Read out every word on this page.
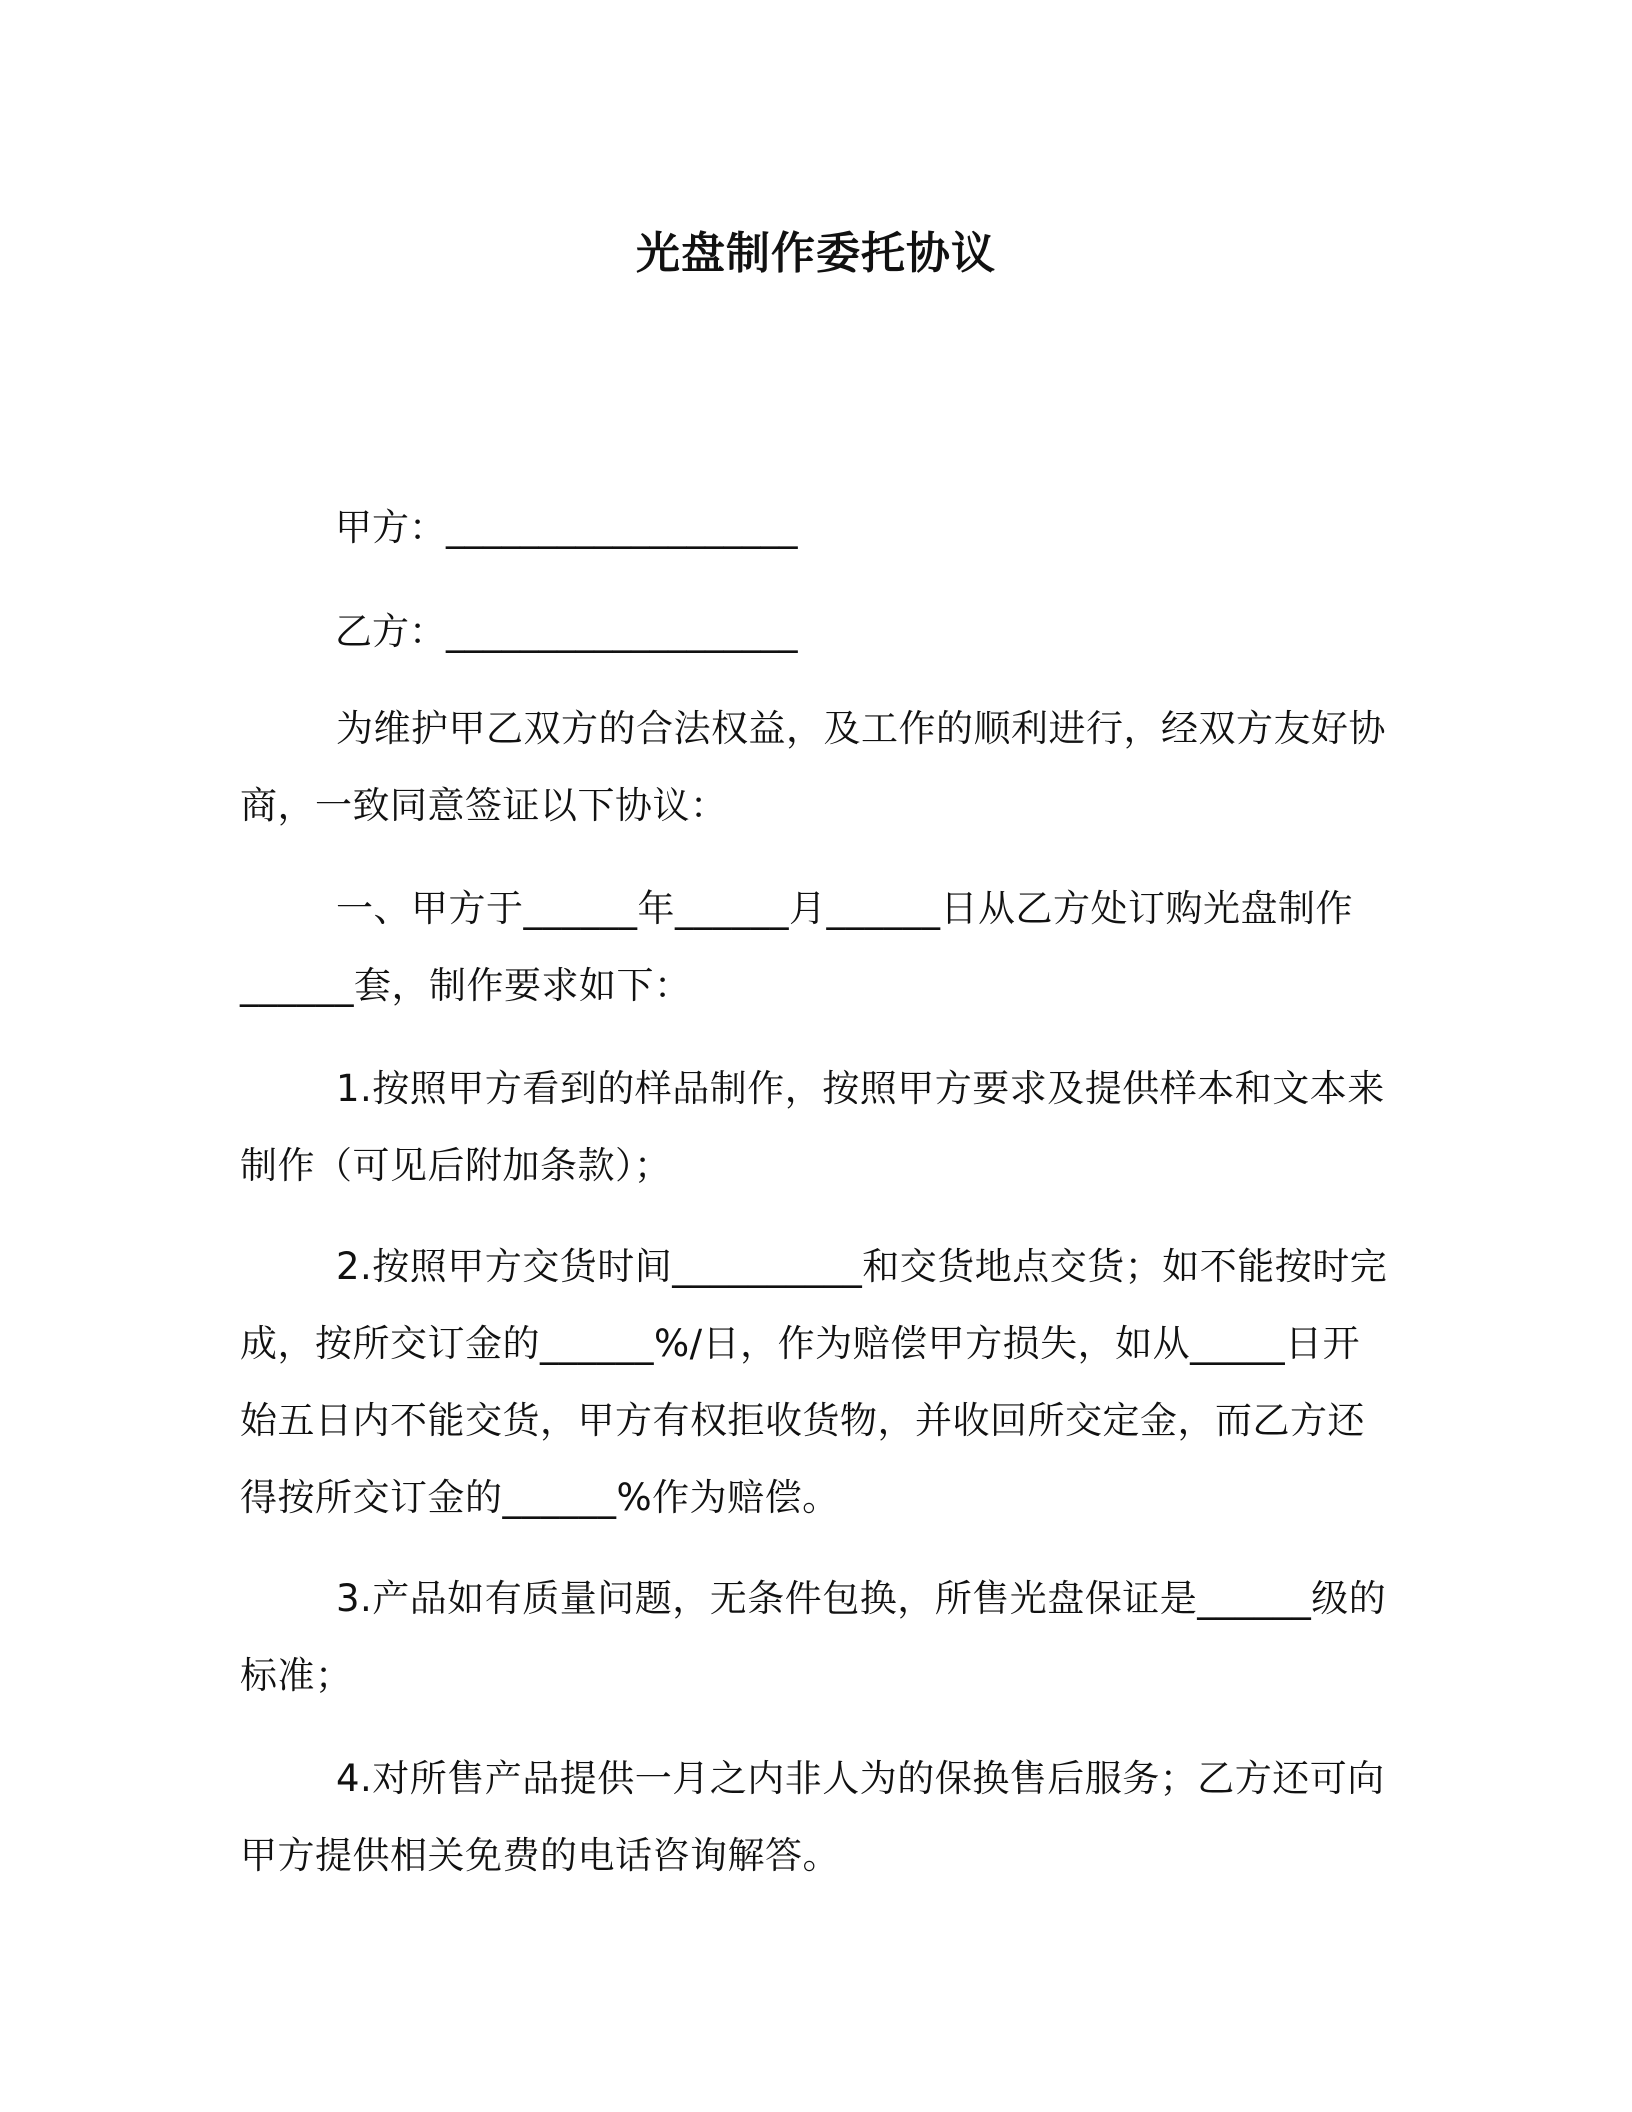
光盘制作委托协议
甲方：___________________
乙方：___________________
为维护甲乙双方的合法权益，及工作的顺利进行，经双方友好协商，一致同意签证以下协议：
一、甲方于______年______月______日从乙方处订购光盘制作______套，制作要求如下：
1.按照甲方看到的样品制作，按照甲方要求及提供样本和文本来制作（可见后附加条款）；
2.按照甲方交货时间__________和交货地点交货；如不能按时完成，按所交订金的______%/日，作为赔偿甲方损失，如从_____日开始五日内不能交货，甲方有权拒收货物，并收回所交定金，而乙方还得按所交订金的______%作为赔偿。
3.产品如有质量问题，无条件包换，所售光盘保证是______级的标准；
4.对所售产品提供一月之内非人为的保换售后服务；乙方还可向甲方提供相关免费的电话咨询解答。
